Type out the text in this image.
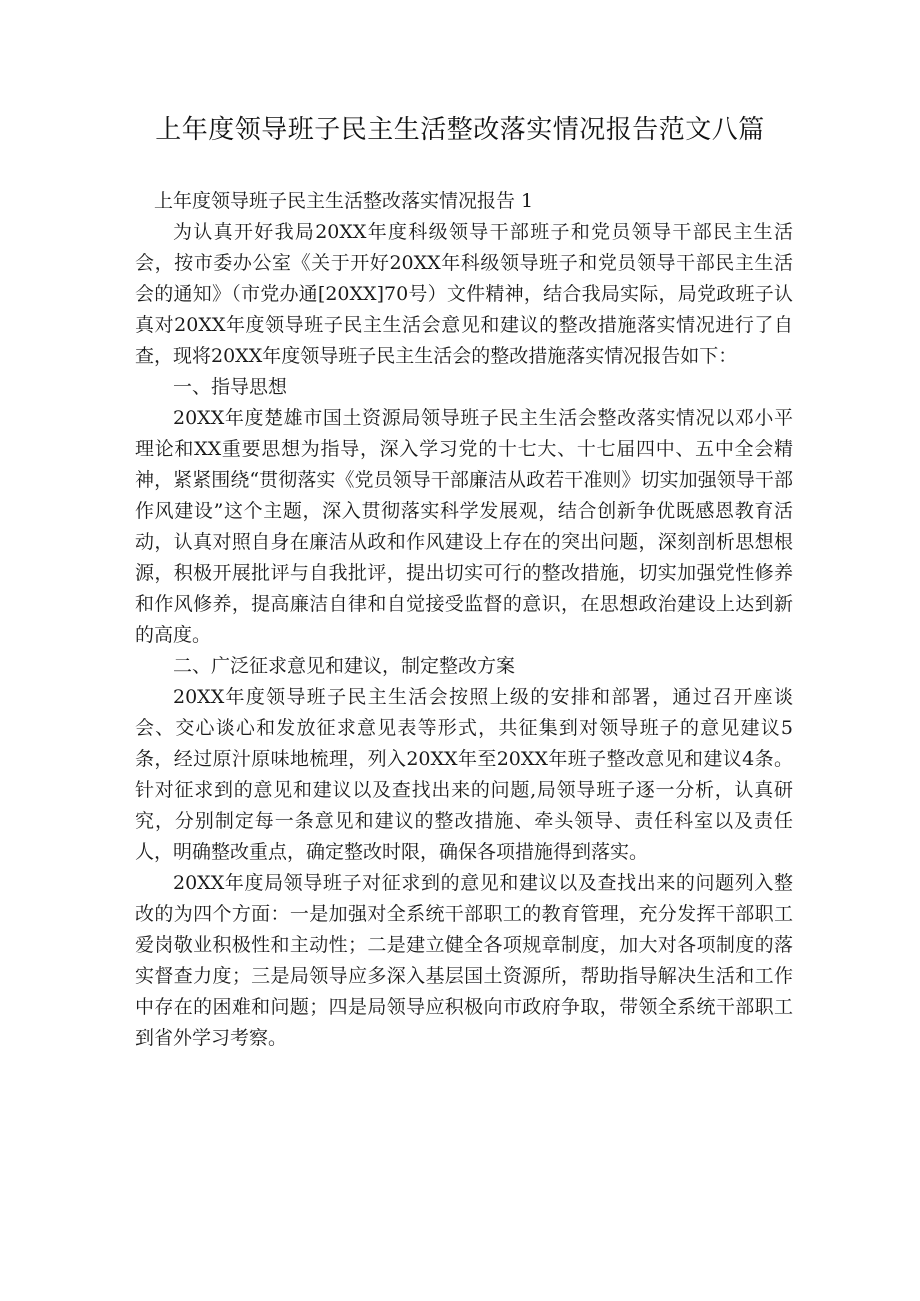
上年度领导班子民主生活整改落实情况报告范文八篇

上年度领导班子民主生活整改落实情况报告 1

为认真开好我局20XX年度科级领导干部班子和党员领导干部民主生活会，按市委办公室《关于开好20XX年科级领导班子和党员领导干部民主生活会的通知》（市党办通[20XX]70号）文件精神，结合我局实际，局党政班子认真对20XX年度领导班子民主生活会意见和建议的整改措施落实情况进行了自查，现将20XX年度领导班子民主生活会的整改措施落实情况报告如下：

一、指导思想

20XX年度楚雄市国土资源局领导班子民主生活会整改落实情况以邓小平理论和XX重要思想为指导，深入学习党的十七大、十七届四中、五中全会精神，紧紧围绕“贯彻落实《党员领导干部廉洁从政若干准则》切实加强领导干部作风建设”这个主题，深入贯彻落实科学发展观，结合创新争优既感恩教育活动，认真对照自身在廉洁从政和作风建设上存在的突出问题，深刻剖析思想根源，积极开展批评与自我批评，提出切实可行的整改措施，切实加强党性修养和作风修养，提高廉洁自律和自觉接受监督的意识，在思想政治建设上达到新的高度。

二、广泛征求意见和建议，制定整改方案

20XX年度领导班子民主生活会按照上级的安排和部署，通过召开座谈会、交心谈心和发放征求意见表等形式，共征集到对领导班子的意见建议5条，经过原汁原味地梳理，列入20XX年至20XX年班子整改意见和建议4条。针对征求到的意见和建议以及查找出来的问题,局领导班子逐一分析，认真研究，分别制定每一条意见和建议的整改措施、牵头领导、责任科室以及责任人，明确整改重点，确定整改时限，确保各项措施得到落实。

20XX年度局领导班子对征求到的意见和建议以及查找出来的问题列入整改的为四个方面：一是加强对全系统干部职工的教育管理，充分发挥干部职工爱岗敬业积极性和主动性；二是建立健全各项规章制度，加大对各项制度的落实督查力度；三是局领导应多深入基层国土资源所，帮助指导解决生活和工作中存在的困难和问题；四是局领导应积极向市政府争取，带领全系统干部职工到省外学习考察。
